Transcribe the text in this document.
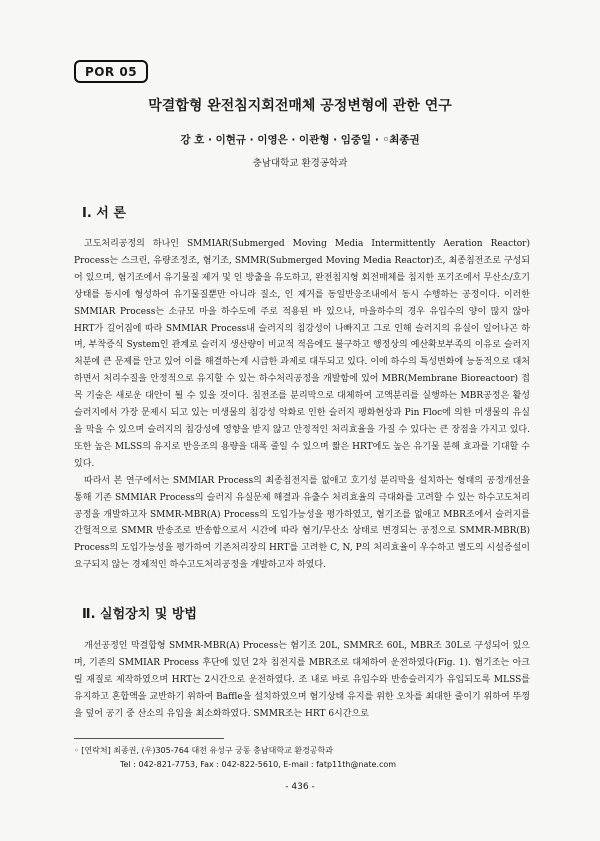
POR 05
막결합형 완전침지회전매체 공정변형에 관한 연구
강 호 · 이현규 · 이영은 · 이관형 · 임중일 · ◦최종권
충남대학교 환경공학과
Ⅰ. 서 론

고도처리공정의 하나인 SMMIAR(Submerged Moving Media Intermittently Aeration Reactor) Process는 스크린, 유량조정조, 혐기조, SMMR(Submerged Moving Media Reactor)조, 최종침전조로 구성되어 있으며, 혐기조에서 유기물질 제거 및 인 방출을 유도하고, 완전침지형 회전매체를 침지한 포기조에서 무산소/호기 상태를 동시에 형성하여 유기물질뿐만 아니라 질소, 인 제거를 동일반응조내에서 동시 수행하는 공정이다. 이러한 SMMIAR Process는 소규모 마을 하수도에 주로 적용된 바 있으나, 마을하수의 경우 유입수의 양이 많지 않아 HRT가 길어짐에 따라 SMMIAR Process내 슬러지의 침강성이 나빠지고 그로 인해 슬러지의 유실이 일어나곤 하며, 부착증식 System인 관계로 슬러지 생산량이 비교적 적음에도 불구하고 행정상의 예산확보부족의 이유로 슬러지 처분에 큰 문제를 안고 있어 이를 해결하는게 시급한 과제로 대두되고 있다. 이에 하수의 특성변화에 능동적으로 대처하면서 처리수질을 안정적으로 유지할 수 있는 하수처리공정을 개발함에 있어 MBR(Membrane Bioreactoor) 접목 기술은 새로운 대안이 될 수 있을 것이다. 침전조를 분리막으로 대체하여 고액분리를 실행하는 MBR공정은 활성슬러지에서 가장 문제시 되고 있는 미생물의 침강성 악화로 인한 슬러지 팽화현상과 Pin Floc에 의한 미생물의 유실을 막을 수 있으며 슬러지의 침강성에 영향을 받지 않고 안정적인 처리효율을 가질 수 있다는 큰 장점을 가지고 있다. 또한 높은 MLSS의 유지로 반응조의 용량을 대폭 줄일 수 있으며 짧은 HRT에도 높은 유기물 분해 효과를 기대할 수 있다.

따라서 본 연구에서는 SMMIAR Process의 최종침전지를 없애고 호기성 분리막을 설치하는 형태의 공정개선을 통해 기존 SMMIAR Process의 슬러지 유실문제 해결과 유출수 처리효율의 극대화를 고려할 수 있는 하수고도처리공정을 개발하고자 SMMR-MBR(A) Process의 도입가능성을 평가하였고, 혐기조를 없애고 MBR조에서 슬러지를 간헐적으로 SMMR 반송조로 반송함으로서 시간에 따라 혐기/무산소 상태로 변경되는 공정으로 SMMR-MBR(B) Process의 도입가능성을 평가하여 기존처리장의 HRT를 고려한 C, N, P의 처리효율이 우수하고 별도의 시설증설이 요구되지 않는 경제적인 하수고도처리공정을 개발하고자 하였다.

Ⅱ. 실험장치 및 방법

개선공정인 막결합형 SMMR-MBR(A) Process는 혐기조 20L, SMMR조 60L, MBR조 30L로 구성되어 있으며, 기존의 SMMIAR Process 후단에 있던 2차 침전지를 MBR조로 대체하여 운전하였다(Fig. 1). 혐기조는 아크릴 재질로 제작하였으며 HRT는 2시간으로 운전하였다. 조 내로 바로 유입수와 반송슬러지가 유입되도록 MLSS를 유지하고 혼합액을 교반하기 위하여 Baffle을 설치하였으며 혐기상태 유지를 위한 오차를 최대한 줄이기 위하여 뚜껑을 덮어 공기 중 산소의 유입을 최소화하였다. SMMR조는 HRT 6시간으로

◦ [연락처] 최종권, (우)305-764 대전 유성구 궁동 충남대학교 환경공학과
Tel : 042-821-7753, Fax : 042-822-5610, E-mail : fatp11th@nate.com
- 436 -
